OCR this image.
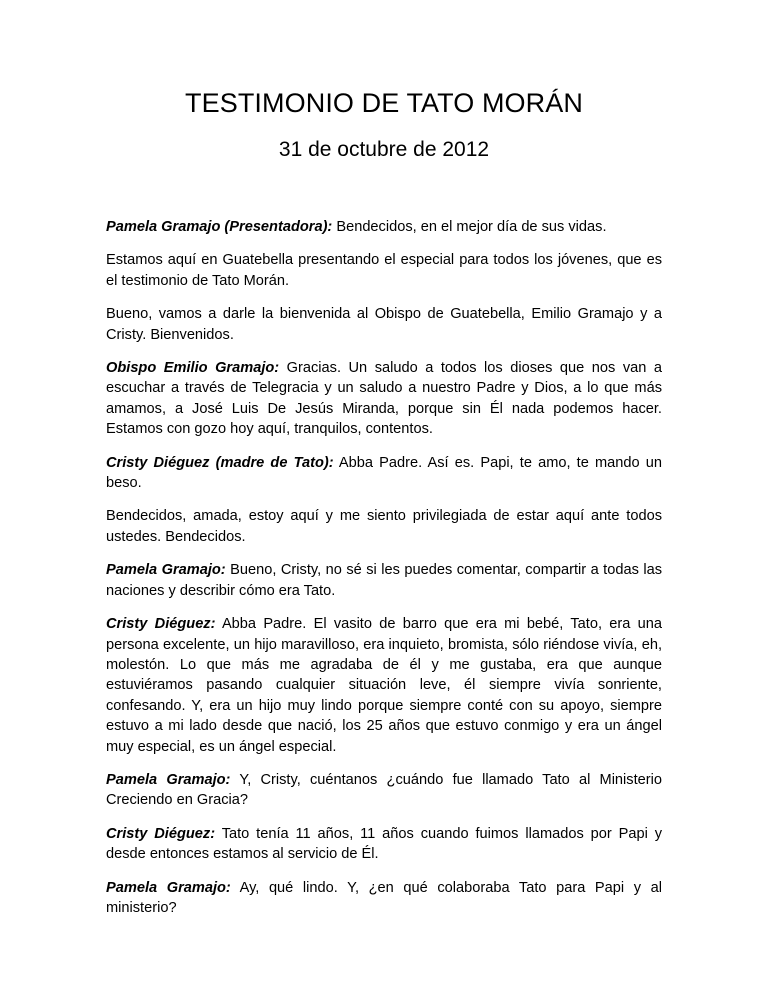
TESTIMONIO DE TATO MORÁN
31 de octubre de 2012

Pamela Gramajo (Presentadora): Bendecidos, en el mejor día de sus vidas.

Estamos aquí en Guatebella presentando el especial para todos los jóvenes, que es el testimonio de Tato Morán.

Bueno, vamos a darle la bienvenida al Obispo de Guatebella, Emilio Gramajo y a Cristy. Bienvenidos.

Obispo Emilio Gramajo: Gracias. Un saludo a todos los dioses que nos van a escuchar a través de Telegracia y un saludo a nuestro Padre y Dios, a lo que más amamos, a José Luis De Jesús Miranda, porque sin Él nada podemos hacer. Estamos con gozo hoy aquí, tranquilos, contentos.

Cristy Diéguez (madre de Tato): Abba Padre. Así es. Papi, te amo, te mando un beso.

Bendecidos, amada, estoy aquí y me siento privilegiada de estar aquí ante todos ustedes. Bendecidos.

Pamela Gramajo: Bueno, Cristy, no sé si les puedes comentar, compartir a todas las naciones y describir cómo era Tato.

Cristy Diéguez: Abba Padre. El vasito de barro que era mi bebé, Tato, era una persona excelente, un hijo maravilloso, era inquieto, bromista, sólo riéndose vivía, eh, molestón. Lo que más me agradaba de él y me gustaba, era que aunque estuviéramos pasando cualquier situación leve, él siempre vivía sonriente, confesando. Y, era un hijo muy lindo porque siempre conté con su apoyo, siempre estuvo a mi lado desde que nació, los 25 años que estuvo conmigo y era un ángel muy especial, es un ángel especial.

Pamela Gramajo: Y, Cristy, cuéntanos ¿cuándo fue llamado Tato al Ministerio Creciendo en Gracia?

Cristy Diéguez: Tato tenía 11 años, 11 años cuando fuimos llamados por Papi y desde entonces estamos al servicio de Él.

Pamela Gramajo: Ay, qué lindo. Y, ¿en qué colaboraba Tato para Papi y al ministerio?
